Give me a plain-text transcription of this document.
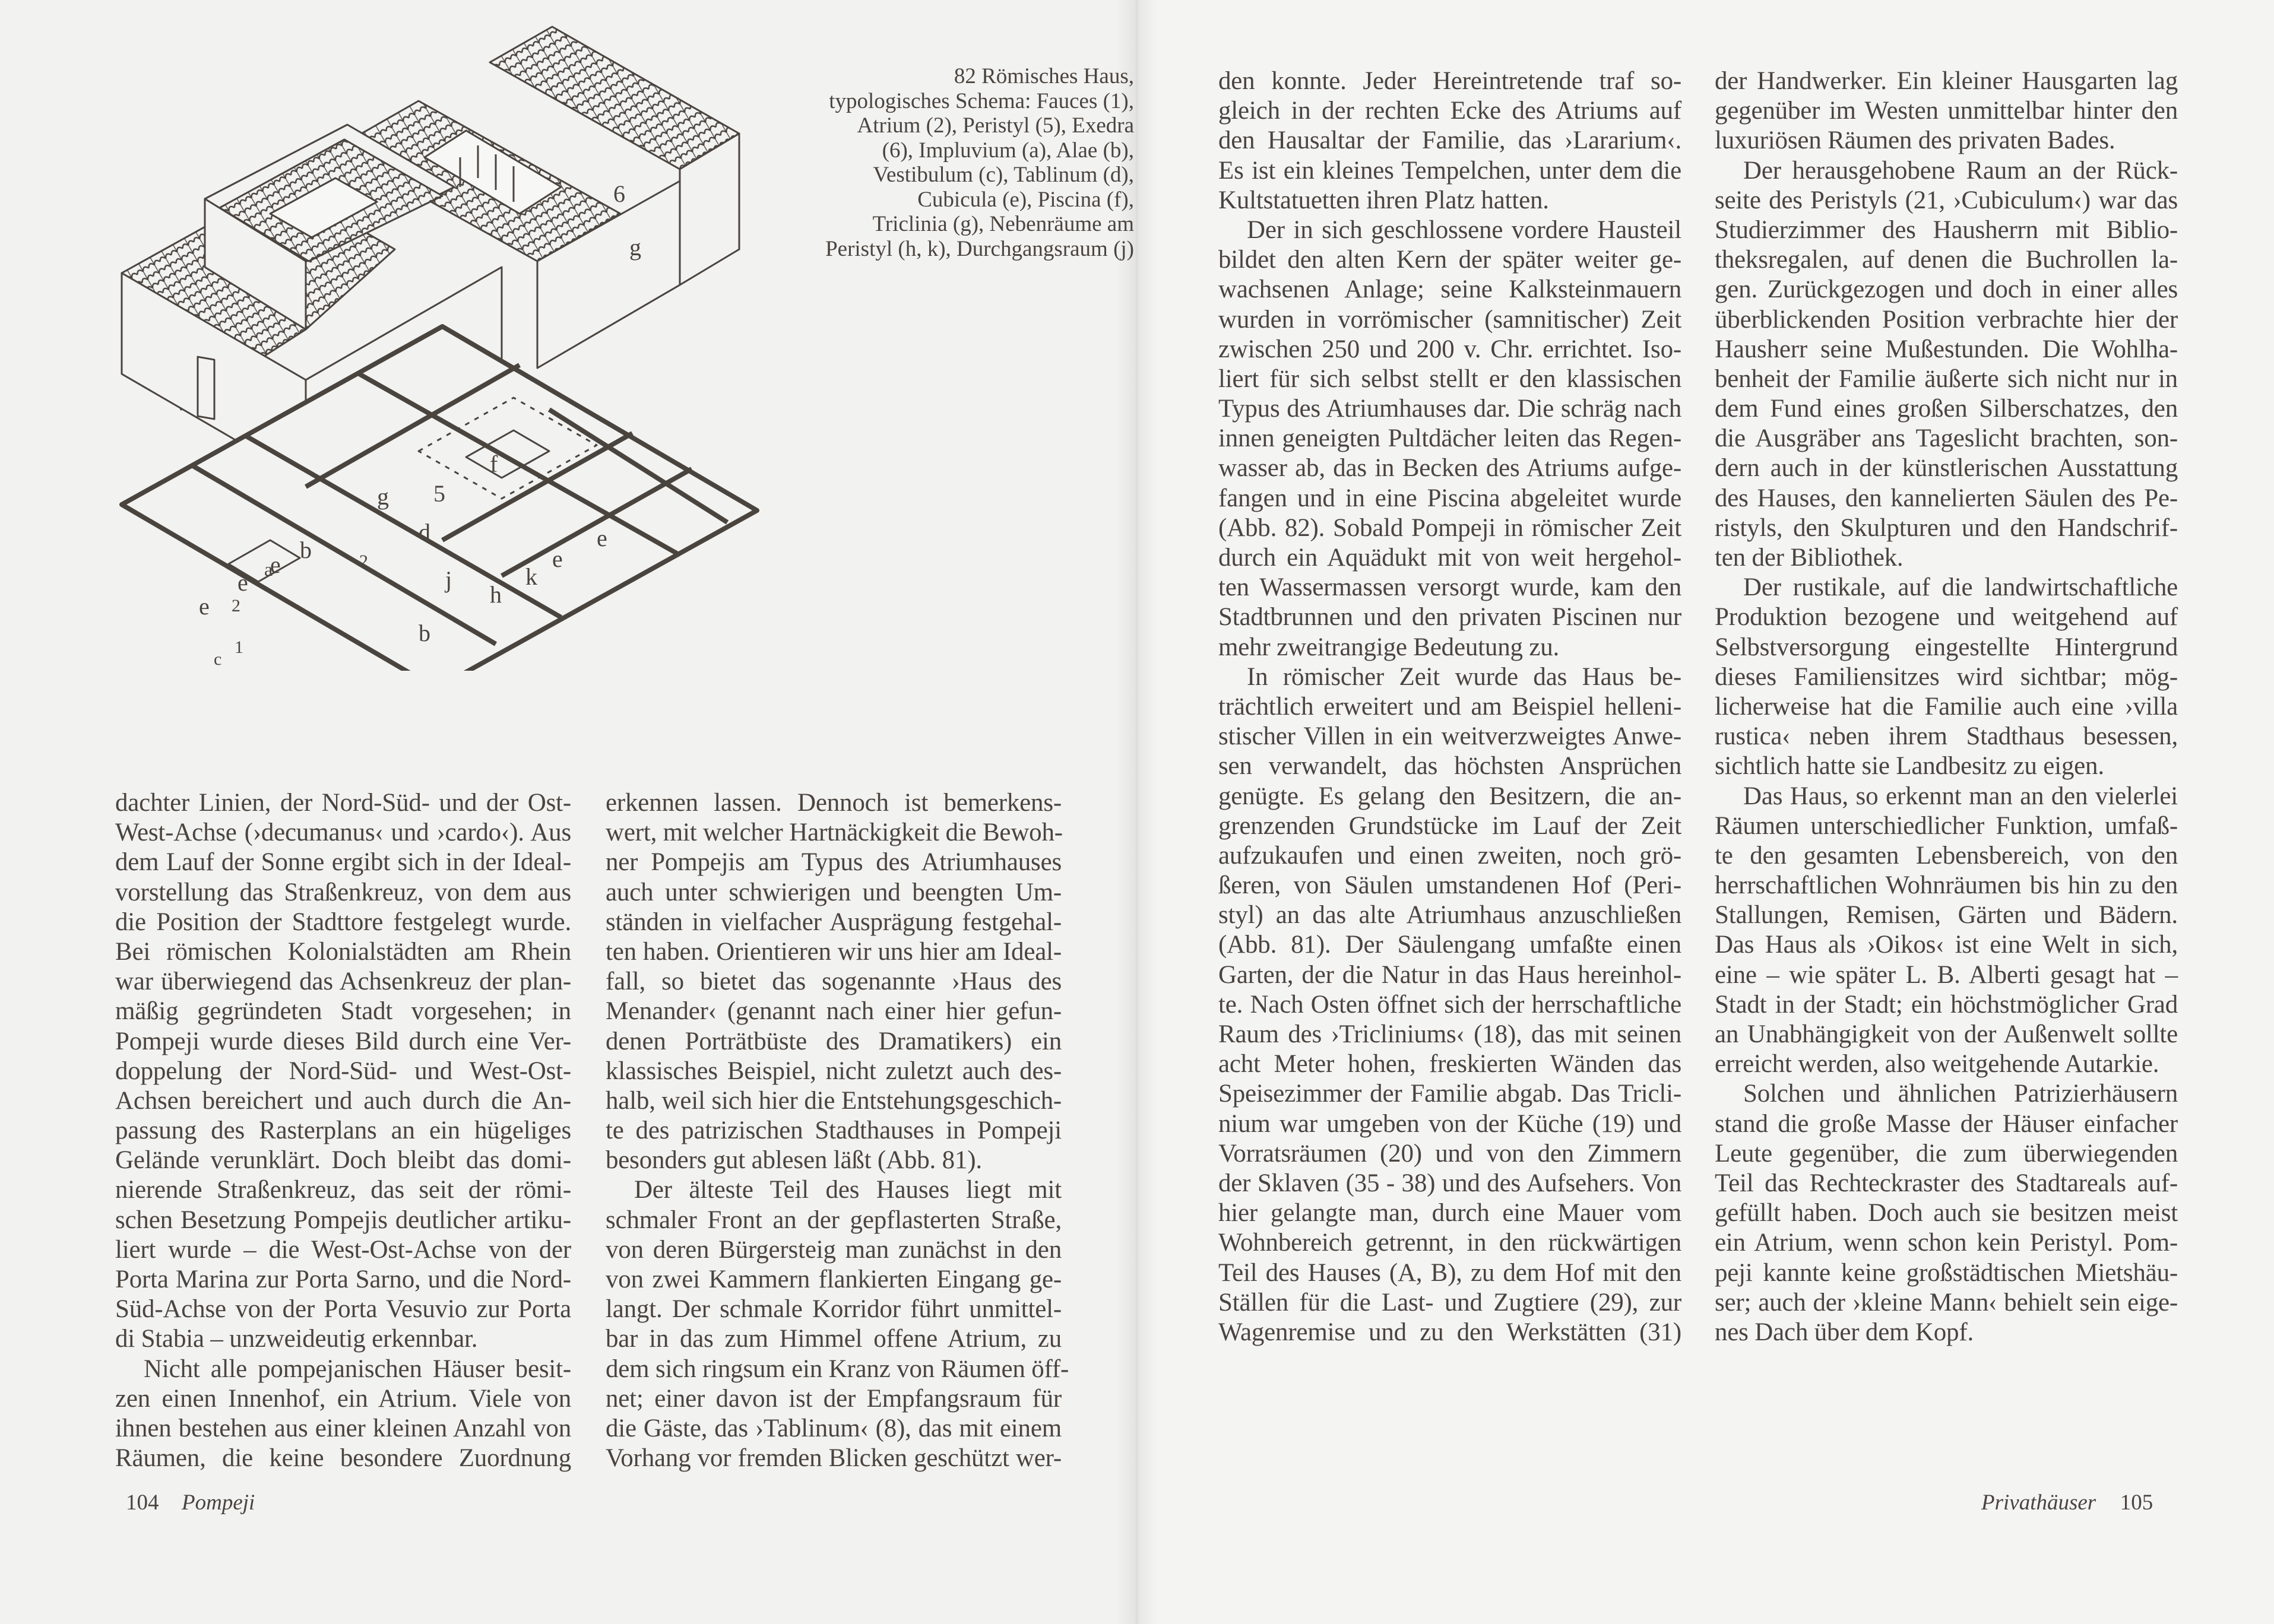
6
g
f
5
g
d
b
e
e
e
e
e
k
h
j
a
2
2
b
1
c
82 Römisches Haus,
typologisches Schema: Fauces (1),
Atrium (2), Peristyl (5), Exedra
(6), Impluvium (a), Alae (b),
Vestibulum (c), Tablinum (d),
Cubicula (e), Piscina (f),
Triclinia (g), Nebenräume am
Peristyl (h, k), Durchgangsraum (j)
dachter Linien, der Nord-Süd- und der Ost-
West-Achse (›decumanus‹ und ›cardo‹). Aus
dem Lauf der Sonne ergibt sich in der Ideal-
vorstellung das Straßenkreuz, von dem aus
die Position der Stadttore festgelegt wurde.
Bei römischen Kolonialstädten am Rhein
war überwiegend das Achsenkreuz der plan-
mäßig gegründeten Stadt vorgesehen; in
Pompeji wurde dieses Bild durch eine Ver-
doppelung der Nord-Süd- und West-Ost-
Achsen bereichert und auch durch die An-
passung des Rasterplans an ein hügeliges
Gelände verunklärt. Doch bleibt das domi-
nierende Straßenkreuz, das seit der römi-
schen Besetzung Pompejis deutlicher artiku-
liert wurde – die West-Ost-Achse von der
Porta Marina zur Porta Sarno, und die Nord-
Süd-Achse von der Porta Vesuvio zur Porta
di Stabia – unzweideutig erkennbar.
Nicht alle pompejanischen Häuser besit-
zen einen Innenhof, ein Atrium. Viele von
ihnen bestehen aus einer kleinen Anzahl von
Räumen, die keine besondere Zuordnung
erkennen lassen. Dennoch ist bemerkens-
wert, mit welcher Hartnäckigkeit die Bewoh-
ner Pompejis am Typus des Atriumhauses
auch unter schwierigen und beengten Um-
ständen in vielfacher Ausprägung festgehal-
ten haben. Orientieren wir uns hier am Ideal-
fall, so bietet das sogenannte ›Haus des
Menander‹ (genannt nach einer hier gefun-
denen Porträtbüste des Dramatikers) ein
klassisches Beispiel, nicht zuletzt auch des-
halb, weil sich hier die Entstehungsgeschich-
te des patrizischen Stadthauses in Pompeji
besonders gut ablesen läßt (Abb. 81).
Der älteste Teil des Hauses liegt mit
schmaler Front an der gepflasterten Straße,
von deren Bürgersteig man zunächst in den
von zwei Kammern flankierten Eingang ge-
langt. Der schmale Korridor führt unmittel-
bar in das zum Himmel offene Atrium, zu
dem sich ringsum ein Kranz von Räumen öff-
net; einer davon ist der Empfangsraum für
die Gäste, das ›Tablinum‹ (8), das mit einem
Vorhang vor fremden Blicken geschützt wer-
den konnte. Jeder Hereintretende traf so-
gleich in der rechten Ecke des Atriums auf
den Hausaltar der Familie, das ›Lararium‹.
Es ist ein kleines Tempelchen, unter dem die
Kultstatuetten ihren Platz hatten.
Der in sich geschlossene vordere Hausteil
bildet den alten Kern der später weiter ge-
wachsenen Anlage; seine Kalksteinmauern
wurden in vorrömischer (samnitischer) Zeit
zwischen 250 und 200 v. Chr. errichtet. Iso-
liert für sich selbst stellt er den klassischen
Typus des Atriumhauses dar. Die schräg nach
innen geneigten Pultdächer leiten das Regen-
wasser ab, das in Becken des Atriums aufge-
fangen und in eine Piscina abgeleitet wurde
(Abb. 82). Sobald Pompeji in römischer Zeit
durch ein Aquädukt mit von weit hergehol-
ten Wassermassen versorgt wurde, kam den
Stadtbrunnen und den privaten Piscinen nur
mehr zweitrangige Bedeutung zu.
In römischer Zeit wurde das Haus be-
trächtlich erweitert und am Beispiel helleni-
stischer Villen in ein weitverzweigtes Anwe-
sen verwandelt, das höchsten Ansprüchen
genügte. Es gelang den Besitzern, die an-
grenzenden Grundstücke im Lauf der Zeit
aufzukaufen und einen zweiten, noch grö-
ßeren, von Säulen umstandenen Hof (Peri-
styl) an das alte Atriumhaus anzuschließen
(Abb. 81). Der Säulengang umfaßte einen
Garten, der die Natur in das Haus hereinhol-
te. Nach Osten öffnet sich der herrschaftliche
Raum des ›Tricliniums‹ (18), das mit seinen
acht Meter hohen, freskierten Wänden das
Speisezimmer der Familie abgab. Das Tricli-
nium war umgeben von der Küche (19) und
Vorratsräumen (20) und von den Zimmern
der Sklaven (35 - 38) und des Aufsehers. Von
hier gelangte man, durch eine Mauer vom
Wohnbereich getrennt, in den rückwärtigen
Teil des Hauses (A, B), zu dem Hof mit den
Ställen für die Last- und Zugtiere (29), zur
Wagenremise und zu den Werkstätten (31)
der Handwerker. Ein kleiner Hausgarten lag
gegenüber im Westen unmittelbar hinter den
luxuriösen Räumen des privaten Bades.
Der herausgehobene Raum an der Rück-
seite des Peristyls (21, ›Cubiculum‹) war das
Studierzimmer des Hausherrn mit Biblio-
theksregalen, auf denen die Buchrollen la-
gen. Zurückgezogen und doch in einer alles
überblickenden Position verbrachte hier der
Hausherr seine Mußestunden. Die Wohlha-
benheit der Familie äußerte sich nicht nur in
dem Fund eines großen Silberschatzes, den
die Ausgräber ans Tageslicht brachten, son-
dern auch in der künstlerischen Ausstattung
des Hauses, den kannelierten Säulen des Pe-
ristyls, den Skulpturen und den Handschrif-
ten der Bibliothek.
Der rustikale, auf die landwirtschaftliche
Produktion bezogene und weitgehend auf
Selbstversorgung eingestellte Hintergrund
dieses Familiensitzes wird sichtbar; mög-
licherweise hat die Familie auch eine ›villa
rustica‹ neben ihrem Stadthaus besessen,
sichtlich hatte sie Landbesitz zu eigen.
Das Haus, so erkennt man an den vielerlei
Räumen unterschiedlicher Funktion, umfaß-
te den gesamten Lebensbereich, von den
herrschaftlichen Wohnräumen bis hin zu den
Stallungen, Remisen, Gärten und Bädern.
Das Haus als ›Oikos‹ ist eine Welt in sich,
eine – wie später L. B. Alberti gesagt hat –
Stadt in der Stadt; ein höchstmöglicher Grad
an Unabhängigkeit von der Außenwelt sollte
erreicht werden, also weitgehende Autarkie.
Solchen und ähnlichen Patrizierhäusern
stand die große Masse der Häuser einfacher
Leute gegenüber, die zum überwiegenden
Teil das Rechteckraster des Stadtareals auf-
gefüllt haben. Doch auch sie besitzen meist
ein Atrium, wenn schon kein Peristyl. Pom-
peji kannte keine großstädtischen Mietshäu-
ser; auch der ›kleine Mann‹ behielt sein eige-
nes Dach über dem Kopf.
104 Pompeji	Privathäuser 105
